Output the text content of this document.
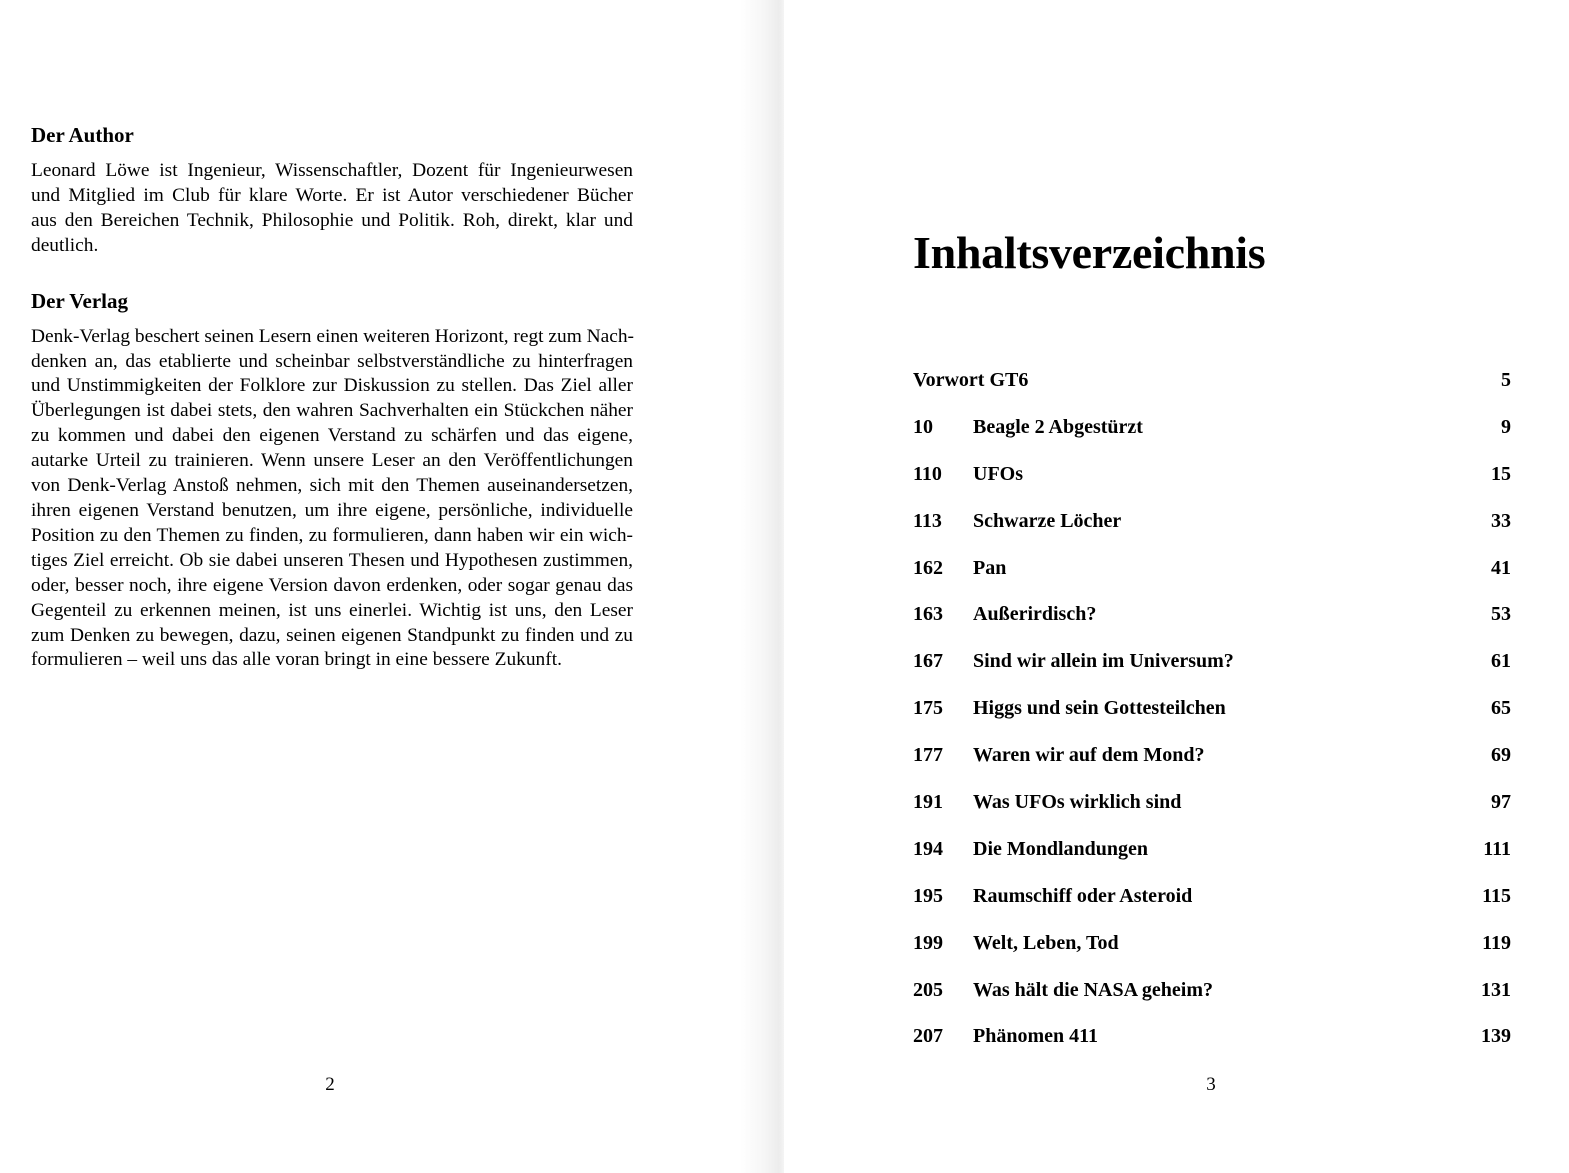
Der Author
Leonard Löwe ist Ingenieur, Wissenschaftler, Dozent für Ingenieurwesen
und Mitglied im Club für klare Worte. Er ist Autor verschiedener Bücher
aus den Bereichen Technik, Philosophie und Politik. Roh, direkt, klar und
deutlich.
Der Verlag
Denk-Verlag beschert seinen Lesern einen weiteren Horizont, regt zum Nach-
denken an, das etablierte und scheinbar selbstverständliche zu hinterfragen
und Unstimmigkeiten der Folklore zur Diskussion zu stellen. Das Ziel aller
Überlegungen ist dabei stets, den wahren Sachverhalten ein Stückchen näher
zu kommen und dabei den eigenen Verstand zu schärfen und das eigene,
autarke Urteil zu trainieren. Wenn unsere Leser an den Veröffentlichungen
von Denk-Verlag Anstoß nehmen, sich mit den Themen auseinandersetzen,
ihren eigenen Verstand benutzen, um ihre eigene, persönliche, individuelle
Position zu den Themen zu finden, zu formulieren, dann haben wir ein wich-
tiges Ziel erreicht. Ob sie dabei unseren Thesen und Hypothesen zustimmen,
oder, besser noch, ihre eigene Version davon erdenken, oder sogar genau das
Gegenteil zu erkennen meinen, ist uns einerlei. Wichtig ist uns, den Leser
zum Denken zu bewegen, dazu, seinen eigenen Standpunkt zu finden und zu
formulieren – weil uns das alle voran bringt in eine bessere Zukunft.
2
Inhaltsverzeichnis
Vorwort GT6	5
10 Beagle 2 Abgestürzt	9
110 UFOs	15
113 Schwarze Löcher	33
162 Pan	41
163 Außerirdisch?	53
167 Sind wir allein im Universum?	61
175 Higgs und sein Gottesteilchen	65
177 Waren wir auf dem Mond?	69
191 Was UFOs wirklich sind	97
194 Die Mondlandungen	111
195 Raumschiff oder Asteroid	115
199 Welt, Leben, Tod	119
205 Was hält die NASA geheim?	131
207 Phänomen 411	139
3
